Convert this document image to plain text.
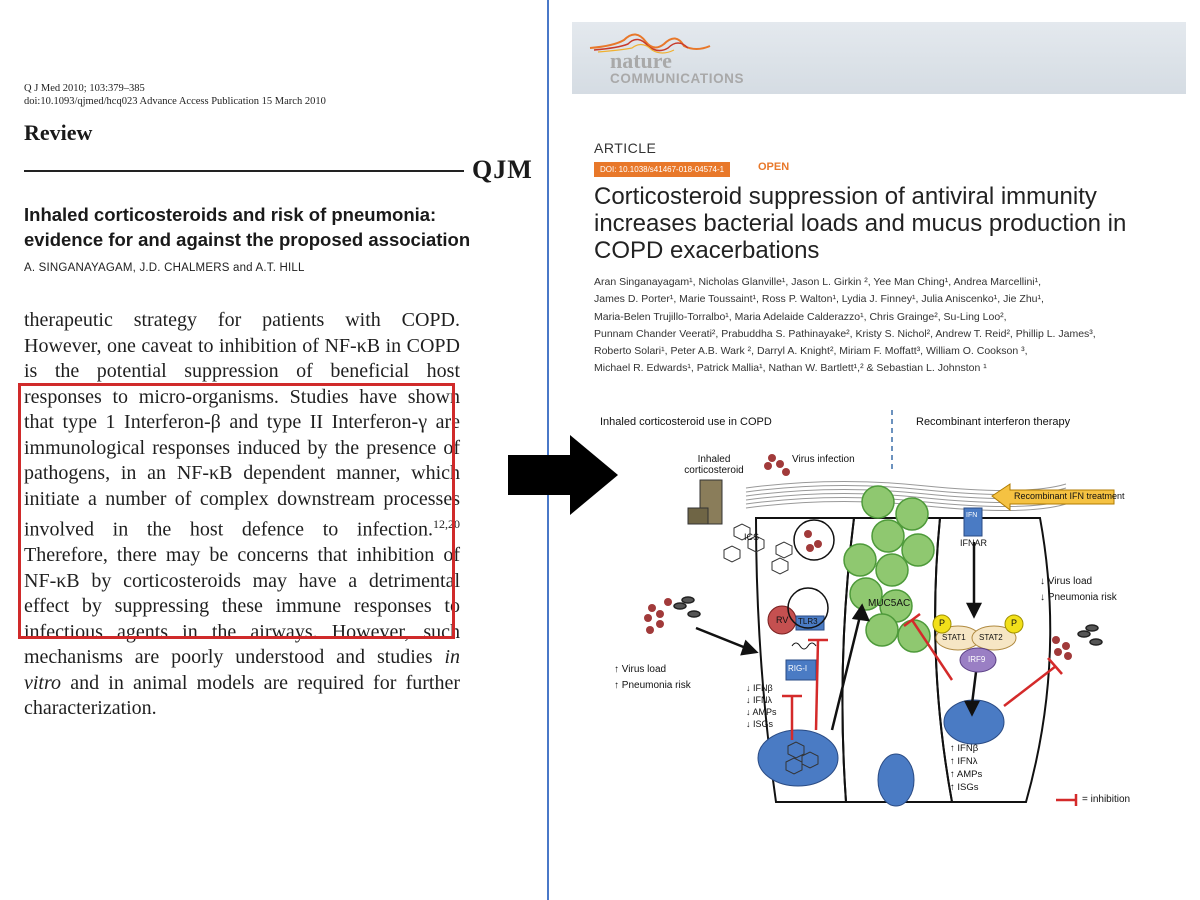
Q J Med 2010; 103:379–385
doi:10.1093/qjmed/hcq023 Advance Access Publication 15 March 2010
Review
QJM
Inhaled corticosteroids and risk of pneumonia:
evidence for and against the proposed association
A. SINGANAYAGAM, J.D. CHALMERS and A.T. HILL

therapeutic strategy for patients with COPD. However, one caveat to inhibition of NF-κB in COPD is the potential suppression of beneficial host responses to micro-organisms. Studies have shown that type 1 Interferon-β and type II Interferon-γ are immunological responses induced by the presence of pathogens, in an NF-κB dependent manner, which initiate a number of complex downstream processes involved in the host defence to infection.$^{12,20}$ Therefore, there may be concerns that inhibition of NF-κB by corticosteroids may have a detrimental effect by suppressing these immune responses to infectious agents in the airways. However, such mechanisms are poorly understood and studies in vitro and in animal models are required for further characterization.

nature
COMMUNICATIONS
ARTICLE
DOI: 10.1038/s41467-018-04574-1	OPEN
Corticosteroid suppression of antiviral immunity increases bacterial loads and mucus production in COPD exacerbations
Aran Singanayagam¹, Nicholas Glanville¹, Jason L. Girkin ², Yee Man Ching¹, Andrea Marcellini¹,
James D. Porter¹, Marie Toussaint¹, Ross P. Walton¹, Lydia J. Finney¹, Julia Aniscenko¹, Jie Zhu¹,
Maria-Belen Trujillo-Torralbo¹, Maria Adelaide Calderazzo¹, Chris Grainge², Su-Ling Loo²,
Punnam Chander Veerati², Prabuddha S. Pathinayake², Kristy S. Nichol², Andrew T. Reid², Phillip L. James³,
Roberto Solari¹, Peter A.B. Wark ², Darryl A. Knight², Miriam F. Moffatt³, William O. Cookson ³,
Michael R. Edwards¹, Patrick Mallia¹, Nathan W. Bartlett¹,² & Sebastian L. Johnston ¹
Inhaled corticosteroid use in COPD	Recombinant interferon therapy
Inhaled corticosteroid
Virus infection
Recombinant IFN treatment
IFN
IFNAR
ICS
RV TLR3
RIG-I
MUC5AC
STAT1 STAT2
IRF9
P	P
↑ Virus load
↑ Pneumonia risk
↓ Virus load
↓ Pneumonia risk
↓ IFNβ
↓ IFNλ
↓ AMPs
↓ ISGs
↑ IFNβ
↑ IFNλ
↑ AMPs
↑ ISGs
= inhibition
